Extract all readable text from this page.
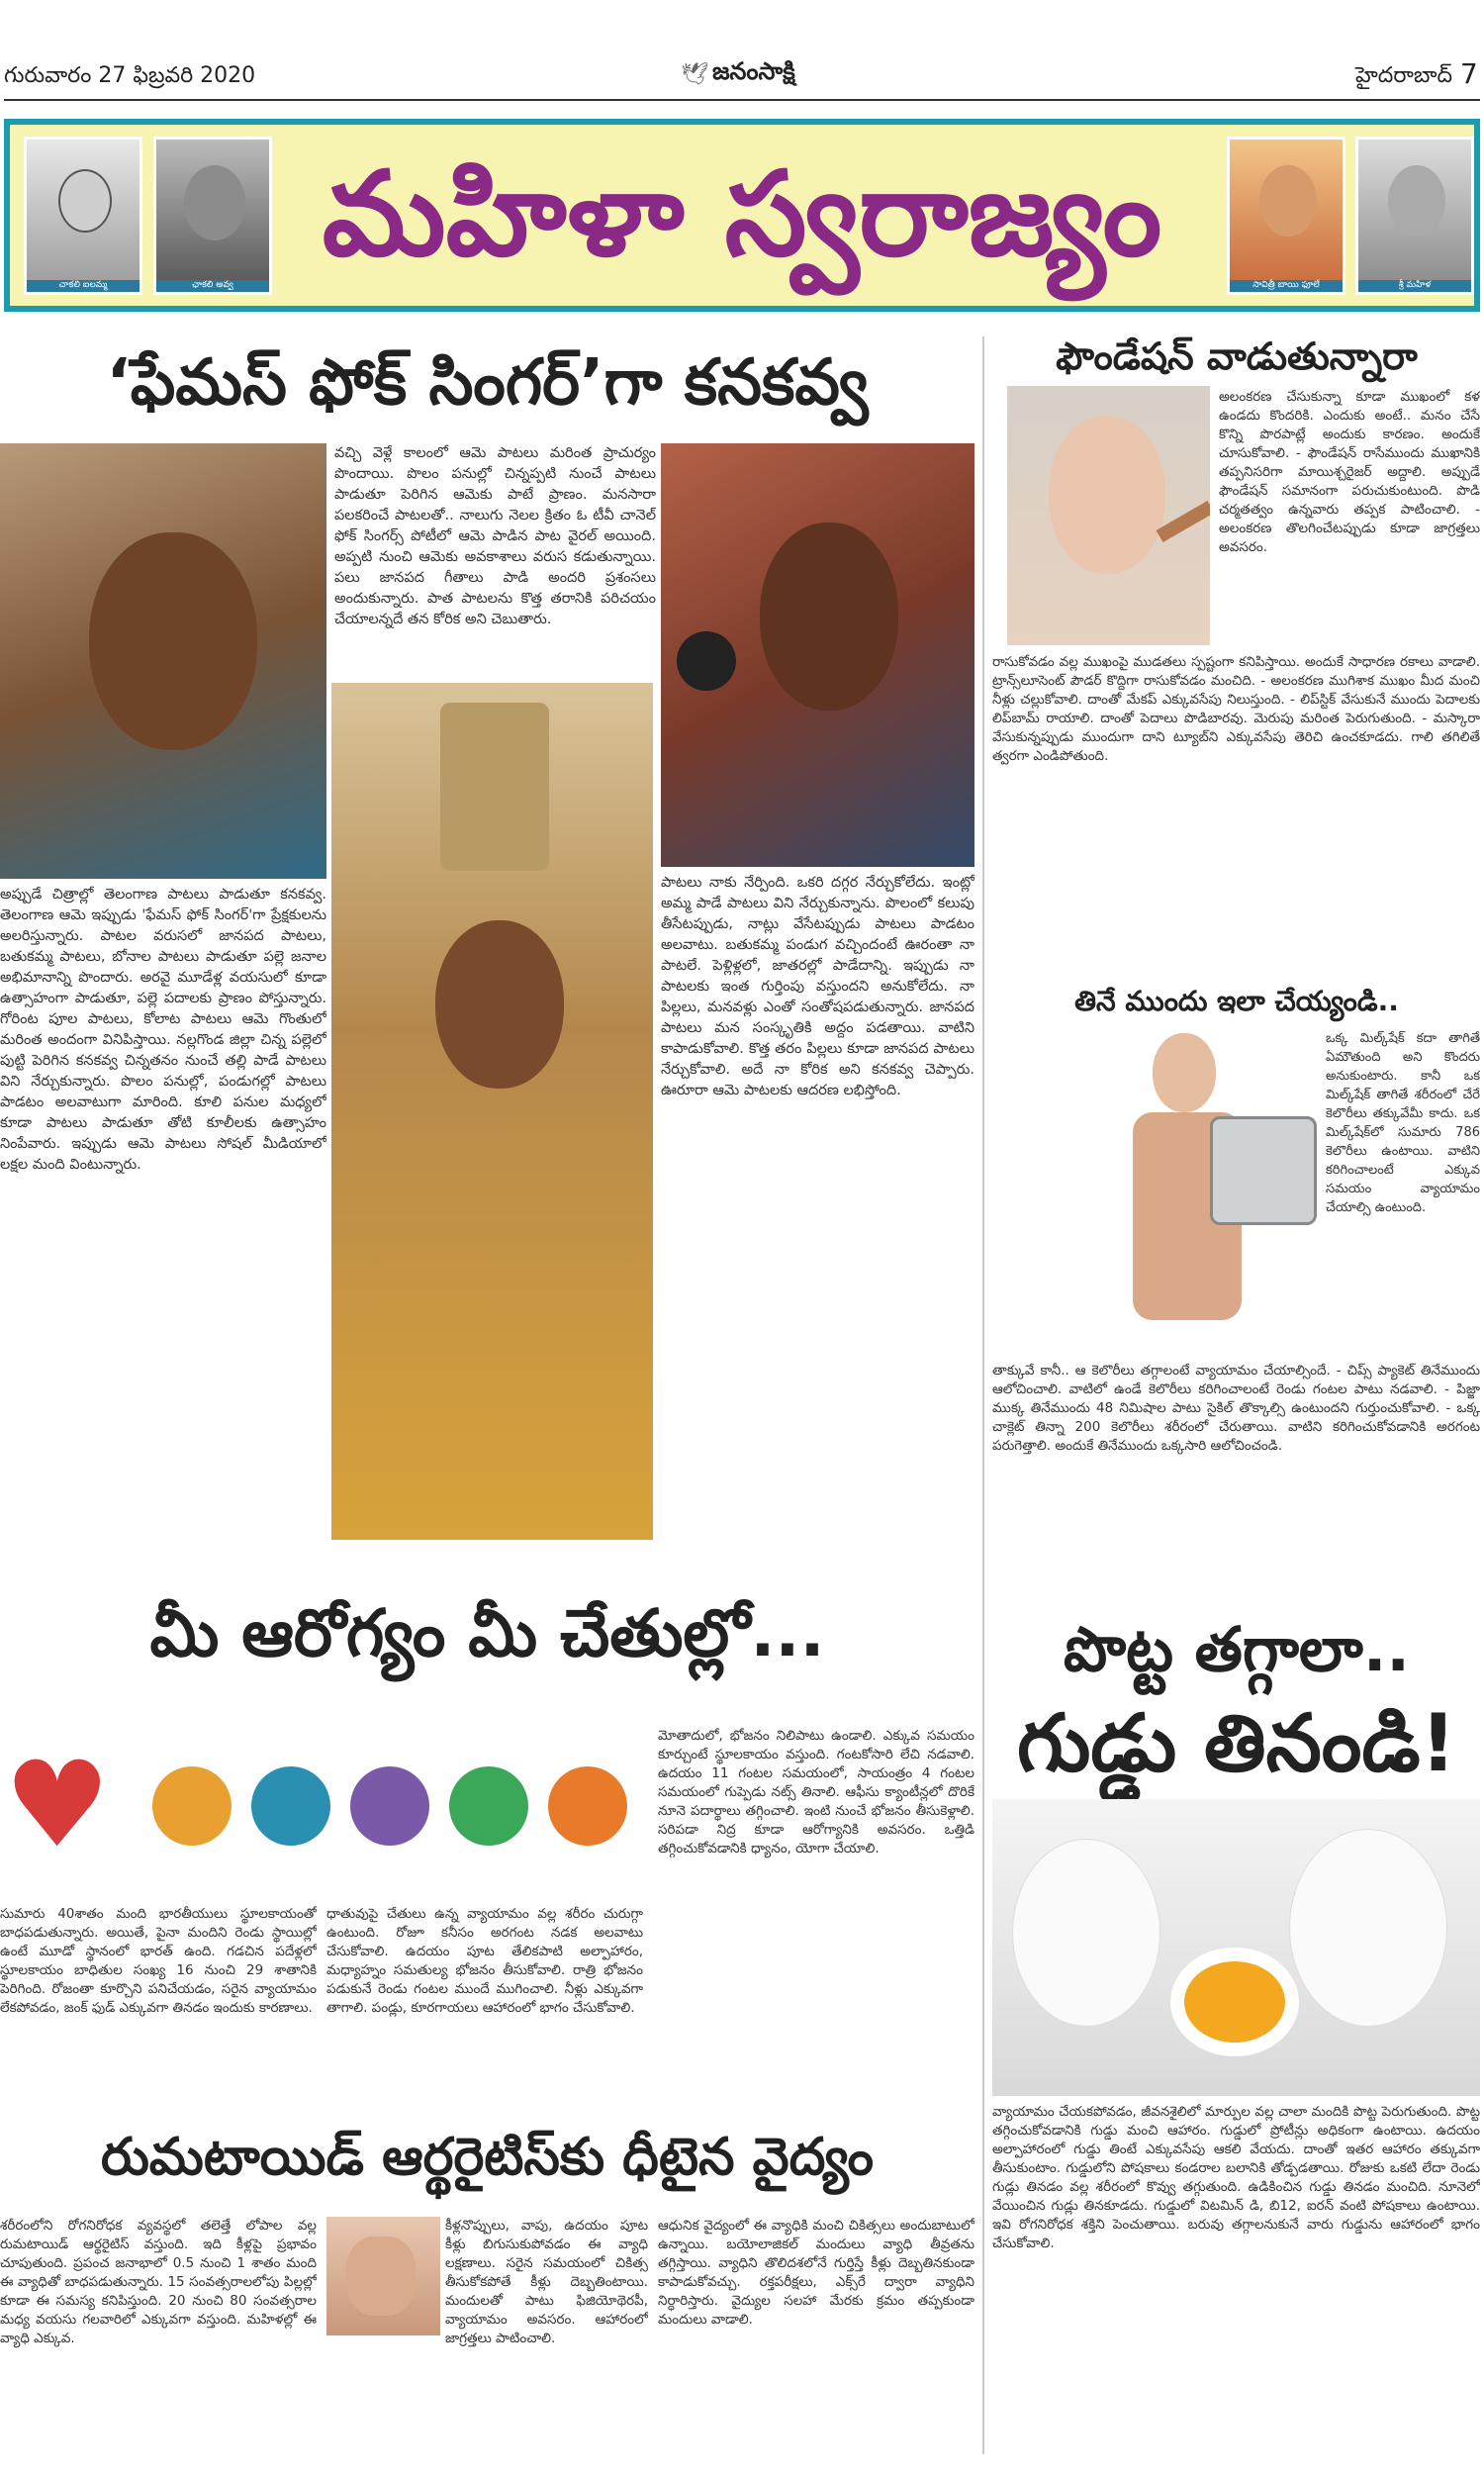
గురువారం 27 ఫిబ్రవరి 2020	🕊 జనంసాక్షి	హైదరాబాద్ 7
చాకలి ఐలమ్మ	ఛాకలి అవ్వ
మహిళా స్వరాజ్యం
సావిత్రీ బాయి ఫూలే	శ్రీ మహిళ
‘ఫేమస్ ఫోక్ సింగర్’గా కనకవ్వ
అప్పుడే చిత్రాల్లో తెలంగాణ పాటలు పాడుతూ కనకవ్వ. తెలంగాణ ఆమె ఇప్పుడు 'ఫేమస్ ఫోక్ సింగర్'గా ప్రేక్షకులను అలరిస్తున్నారు. పాటల వరుసలో జానపద పాటలు, బతుకమ్మ పాటలు, బోనాల పాటలు పాడుతూ పల్లె జనాల అభిమానాన్ని పొందారు. అరవై మూడేళ్ల వయసులో కూడా ఉత్సాహంగా పాడుతూ, పల్లె పదాలకు ప్రాణం పోస్తున్నారు. గోరింట పూల పాటలు, కోలాట పాటలు ఆమె గొంతులో మరింత అందంగా వినిపిస్తాయి. నల్లగొండ జిల్లా చిన్న పల్లెలో పుట్టి పెరిగిన కనకవ్వ చిన్నతనం నుంచే తల్లి పాడే పాటలు విని నేర్చుకున్నారు. పొలం పనుల్లో, పండుగల్లో పాటలు పాడటం అలవాటుగా మారింది. కూలి పనుల మధ్యలో కూడా పాటలు పాడుతూ తోటి కూలీలకు ఉత్సాహం నింపేవారు. ఇప్పుడు ఆమె పాటలు సోషల్ మీడియాలో లక్షల మంది వింటున్నారు.
వచ్చి వెళ్లే కాలంలో ఆమె పాటలు మరింత ప్రాచుర్యం పొందాయి. పొలం పనుల్లో చిన్నప్పటి నుంచే పాటలు పాడుతూ పెరిగిన ఆమెకు పాటే ప్రాణం. మనసారా పలకరించే పాటలతో.. నాలుగు నెలల క్రితం ఓ టీవీ చానెల్ ఫోక్ సింగర్స్ పోటీలో ఆమె పాడిన పాట వైరల్ అయింది. అప్పటి నుంచి ఆమెకు అవకాశాలు వరుస కడుతున్నాయి. పలు జానపద గీతాలు పాడి అందరి ప్రశంసలు అందుకున్నారు. పాత పాటలను కొత్త తరానికి పరిచయం చేయాలన్నదే తన కోరిక అని చెబుతారు.
పాటలు నాకు నేర్పింది. ఒకరి దగ్గర నేర్చుకోలేదు. ఇంట్లో అమ్మ పాడే పాటలు విని నేర్చుకున్నాను. పొలంలో కలుపు తీసేటప్పుడు, నాట్లు వేసేటప్పుడు పాటలు పాడటం అలవాటు. బతుకమ్మ పండుగ వచ్చిందంటే ఊరంతా నా పాటలే. పెళ్లిళ్లలో, జాతరల్లో పాడేదాన్ని. ఇప్పుడు నా పాటలకు ఇంత గుర్తింపు వస్తుందని అనుకోలేదు. నా పిల్లలు, మనవళ్లు ఎంతో సంతోషపడుతున్నారు. జానపద పాటలు మన సంస్కృతికి అద్దం పడతాయి. వాటిని కాపాడుకోవాలి. కొత్త తరం పిల్లలు కూడా జానపద పాటలు నేర్చుకోవాలి. అదే నా కోరిక అని కనకవ్వ చెప్పారు. ఊరూరా ఆమె పాటలకు ఆదరణ లభిస్తోంది.
ఫౌండేషన్ వాడుతున్నారా
అలంకరణ చేసుకున్నా కూడా ముఖంలో కళ ఉండదు కొందరికి. ఎందుకు అంటే.. మనం చేసే కొన్ని పొరపాట్లే అందుకు కారణం. అందుకే చూసుకోవాలి. - ఫౌండేషన్ రాసేముందు ముఖానికి తప్పనిసరిగా మాయిశ్చరైజర్ అద్దాలి. అప్పుడే ఫౌండేషన్ సమానంగా పరుచుకుంటుంది. పొడి చర్మతత్వం ఉన్నవారు తప్పక పాటించాలి. - అలంకరణ తొలగించేటప్పుడు కూడా జాగ్రత్తలు అవసరం.
రాసుకోవడం వల్ల ముఖంపై ముడతలు స్పష్టంగా కనిపిస్తాయి. అందుకే సాధారణ రకాలు వాడాలి. ట్రాన్స్‌లూసెంట్ పౌడర్ కొద్దిగా రాసుకోవడం మంచిది. - అలంకరణ ముగిశాక ముఖం మీద మంచి నీళ్లు చల్లుకోవాలి. దాంతో మేకప్ ఎక్కువసేపు నిలుస్తుంది. - లిప్‌స్టిక్ వేసుకునే ముందు పెదాలకు లిప్‌బామ్ రాయాలి. దాంతో పెదాలు పొడిబారవు. మెరుపు మరింత పెరుగుతుంది. - మస్కారా వేసుకున్నప్పుడు ముందుగా దాని ట్యూబ్‌ని ఎక్కువసేపు తెరిచి ఉంచకూడదు. గాలి తగిలితే త్వరగా ఎండిపోతుంది.
తినే ముందు ఇలా చేయ్యండి..
ఒక్క మిల్క్‌షేక్ కదా తాగితే ఏమౌతుంది అని కొందరు అనుకుంటారు. కానీ ఒక మిల్క్‌షేక్ తాగితే శరీరంలో చేరే కెలొరీలు తక్కువేమీ కాదు. ఒక మిల్క్‌షేక్‌లో సుమారు 786 కెలొరీలు ఉంటాయి. వాటిని కరిగించాలంటే ఎక్కువ సమయం వ్యాయామం చేయాల్సి ఉంటుంది.
తాక్కువే కానీ.. ఆ కెలొరీలు తగ్గాలంటే వ్యాయామం చేయాల్సిందే. - చిప్స్ ప్యాకెట్ తినేముందు ఆలోచించాలి. వాటిలో ఉండే కెలొరీలు కరిగించాలంటే రెండు గంటల పాటు నడవాలి. - పిజ్జా ముక్క తినేముందు 48 నిమిషాల పాటు సైకిల్ తొక్కాల్సి ఉంటుందని గుర్తుంచుకోవాలి. - ఒక్క చాక్లెట్ తిన్నా 200 కెలొరీలు శరీరంలో చేరుతాయి. వాటిని కరిగించుకోవడానికి అరగంట పరుగెత్తాలి. అందుకే తినేముందు ఒక్కసారి ఆలోచించండి.
మీ ఆరోగ్యం మీ చేతుల్లో...
♥
సుమారు 40శాతం మంది భారతీయులు స్థూలకాయంతో బాధపడుతున్నారు. అయితే, పైనా మందిని రెండు స్థాయిల్లో ఉంటే మూడో స్థానంలో భారత్ ఉంది. గడచిన పదేళ్లలో స్థూలకాయం బాధితుల సంఖ్య 16 నుంచి 29 శాతానికి పెరిగింది. రోజంతా కూర్చొని పనిచేయడం, సరైన వ్యాయామం లేకపోవడం, జంక్ ఫుడ్ ఎక్కువగా తినడం ఇందుకు కారణాలు.
ధాతువుపై చేతులు ఉన్న వ్యాయామం వల్ల శరీరం చురుగ్గా ఉంటుంది. రోజూ కనీసం అరగంట నడక అలవాటు చేసుకోవాలి. ఉదయం పూట తేలికపాటి అల్పాహారం, మధ్యాహ్నం సమతుల్య భోజనం తీసుకోవాలి. రాత్రి భోజనం పడుకునే రెండు గంటల ముందే ముగించాలి. నీళ్లు ఎక్కువగా తాగాలి. పండ్లు, కూరగాయలు ఆహారంలో భాగం చేసుకోవాలి.
మోతాదులో, భోజనం నిలిపాటు ఉండాలి. ఎక్కువ సమయం కూర్చుంటే స్థూలకాయం వస్తుంది. గంటకోసారి లేచి నడవాలి. ఉదయం 11 గంటల సమయంలో, సాయంత్రం 4 గంటల సమయంలో గుప్పెడు నట్స్ తినాలి. ఆఫీసు క్యాంటీన్లలో దొరికే నూనె పదార్థాలు తగ్గించాలి. ఇంటి నుంచే భోజనం తీసుకెళ్లాలి. సరిపడా నిద్ర కూడా ఆరోగ్యానికి అవసరం. ఒత్తిడి తగ్గించుకోవడానికి ధ్యానం, యోగా చేయాలి.
పొట్ట తగ్గాలా..
గుడ్డు తినండి!
వ్యాయామం చేయకపోవడం, జీవనశైలిలో మార్పుల వల్ల చాలా మందికి పొట్ట పెరుగుతుంది. పొట్ట తగ్గించుకోవడానికి గుడ్డు మంచి ఆహారం. గుడ్డులో ప్రోటీన్లు అధికంగా ఉంటాయి. ఉదయం అల్పాహారంలో గుడ్డు తింటే ఎక్కువసేపు ఆకలి వేయదు. దాంతో ఇతర ఆహారం తక్కువగా తీసుకుంటాం. గుడ్డులోని పోషకాలు కండరాల బలానికి తోడ్పడతాయి. రోజుకు ఒకటి లేదా రెండు గుడ్లు తినడం వల్ల శరీరంలో కొవ్వు తగ్గుతుంది. ఉడికించిన గుడ్డు తినడం మంచిది. నూనెలో వేయించిన గుడ్లు తినకూడదు. గుడ్డులో విటమిన్ డి, బి12, ఐరన్ వంటి పోషకాలు ఉంటాయి. ఇవి రోగనిరోధక శక్తిని పెంచుతాయి. బరువు తగ్గాలనుకునే వారు గుడ్డును ఆహారంలో భాగం చేసుకోవాలి.
రుమటాయిడ్ ఆర్థరైటిస్‌కు ధీటైన వైద్యం
శరీరంలోని రోగనిరోధక వ్యవస్థలో తలెత్తే లోపాల వల్ల రుమటాయిడ్ ఆర్థరైటిస్ వస్తుంది. ఇది కీళ్లపై ప్రభావం చూపుతుంది. ప్రపంచ జనాభాలో 0.5 నుంచి 1 శాతం మంది ఈ వ్యాధితో బాధపడుతున్నారు. 15 సంవత్సరాలలోపు పిల్లల్లో కూడా ఈ సమస్య కనిపిస్తుంది. 20 నుంచి 80 సంవత్సరాల మధ్య వయసు గలవారిలో ఎక్కువగా వస్తుంది. మహిళల్లో ఈ వ్యాధి ఎక్కువ.
కీళ్లనొప్పులు, వాపు, ఉదయం పూట కీళ్లు బిగుసుకుపోవడం ఈ వ్యాధి లక్షణాలు. సరైన సమయంలో చికిత్స తీసుకోకపోతే కీళ్లు దెబ్బతింటాయి. మందులతో పాటు ఫిజియోథెరపీ, వ్యాయామం అవసరం. ఆహారంలో జాగ్రత్తలు పాటించాలి.
ఆధునిక వైద్యంలో ఈ వ్యాధికి మంచి చికిత్సలు అందుబాటులో ఉన్నాయి. బయోలాజికల్ మందులు వ్యాధి తీవ్రతను తగ్గిస్తాయి. వ్యాధిని తొలిదశలోనే గుర్తిస్తే కీళ్లు దెబ్బతినకుండా కాపాడుకోవచ్చు. రక్తపరీక్షలు, ఎక్స్‌రే ద్వారా వ్యాధిని నిర్ధారిస్తారు. వైద్యుల సలహా మేరకు క్రమం తప్పకుండా మందులు వాడాలి.
